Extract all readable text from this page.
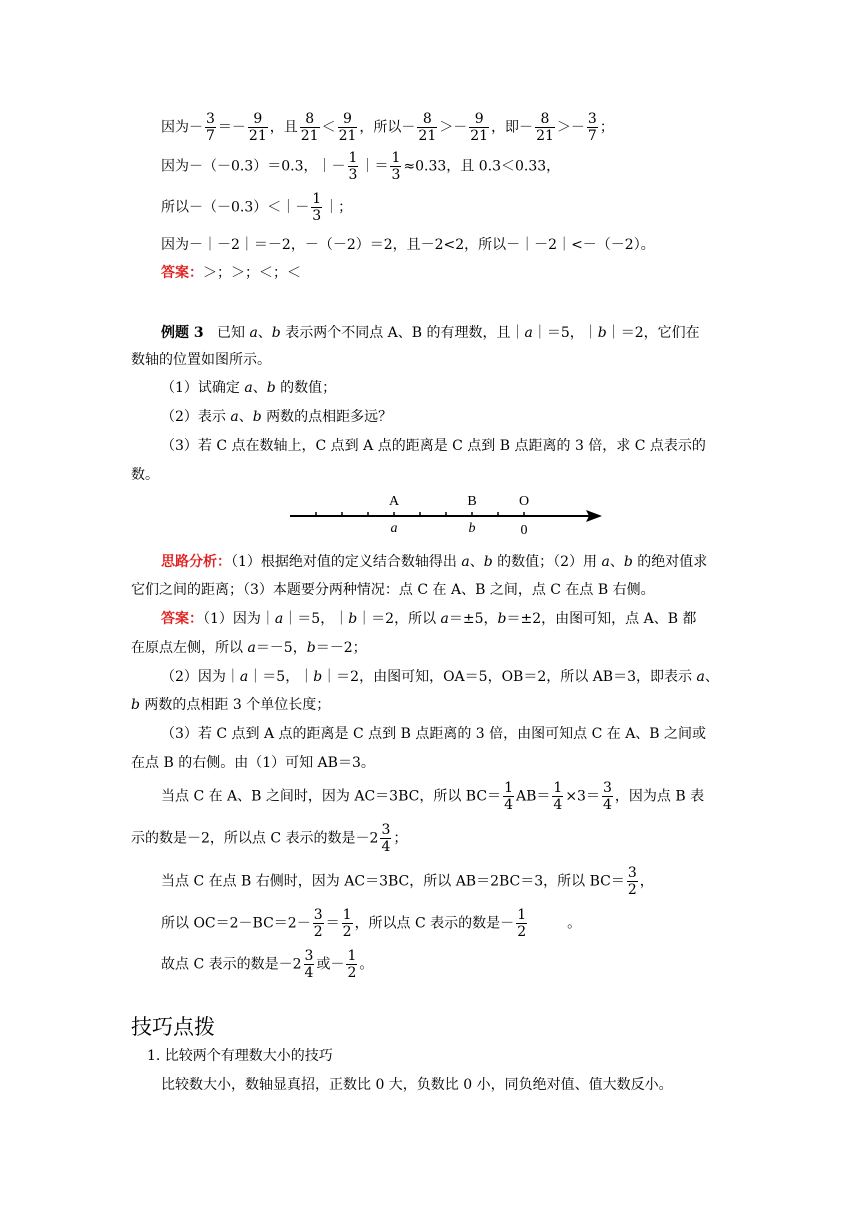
因为－ $\frac{3}{7} =- \frac{9}{21}$ ，且 $\frac{8}{21} < \frac{9}{21}$ ，所以－ $\frac{8}{21} >- \frac{9}{21}$ ，即－ $\frac{8}{21} >- \frac{3}{7}$ ；
因为－（－0.3）＝0.3，｜－ $\frac{1}{3}$ ｜＝ $\frac{1}{3} \approx 0.33$，且 0.3＜0.33，
所以－（－0.3）＜｜－ $\frac{1}{3}$ ｜；
因为－｜－2｜＝－2，－（－2）＝2，且－2<2，所以－｜－2｜<－（－2）。
答案：＞；＞；＜；＜
例题 3 已知 a、b 表示两个不同点 A、B 的有理数，且｜a｜＝5，｜b｜＝2，它们在
数轴的位置如图所示。
（1）试确定 a、b 的数值；
（2）表示 a、b 两数的点相距多远？
（3）若 C 点在数轴上，C 点到 A 点的距离是 C 点到 B 点距离的 3 倍，求 C 点表示的
数。
A	B	O
a	b	0
思路分析：（1）根据绝对值的定义结合数轴得出 a、b 的数值；（2）用 a、b 的绝对值求
它们之间的距离；（3）本题要分两种情况：点 C 在 A、B 之间，点 C 在点 B 右侧。
答案：（1）因为｜a｜＝5，｜b｜＝2，所以 a＝±5，b＝±2，由图可知，点 A、B 都
在原点左侧，所以 a＝－5，b＝－2；
（2）因为｜a｜＝5，｜b｜＝2，由图可知，OA＝5，OB＝2，所以 AB＝3，即表示 a、
b 两数的点相距 3 个单位长度；
（3）若 C 点到 A 点的距离是 C 点到 B 点距离的 3 倍，由图可知点 C 在 A、B 之间或
在点 B 的右侧。由（1）可知 AB＝3。
当点 C 在 A、B 之间时，因为 AC＝3BC，所以 $BC= \frac{1}{4} AB= \frac{1}{4} \times 3= \frac{3}{4}$ ，因为点 B 表
示的数是－2，所以点 C 表示的数是$-2 \frac{3}{4}$ ；
当点 C 在点 B 右侧时，因为 AC＝3BC，所以 AB＝2BC＝3，所以 $BC= \frac{3}{2}$ ，
所以 $OC=2-BC=2- \frac{3}{2} = \frac{1}{2}$ ，所以点 C 表示的数是－ $\frac{1}{2}$	。
故点 C 表示的数是$-2 \frac{3}{4}$ 或－ $\frac{1}{2}$ 。
技巧点拨
1. 比较两个有理数大小的技巧
比较数大小，数轴显真招，正数比 0 大，负数比 0 小，同负绝对值、值大数反小。
